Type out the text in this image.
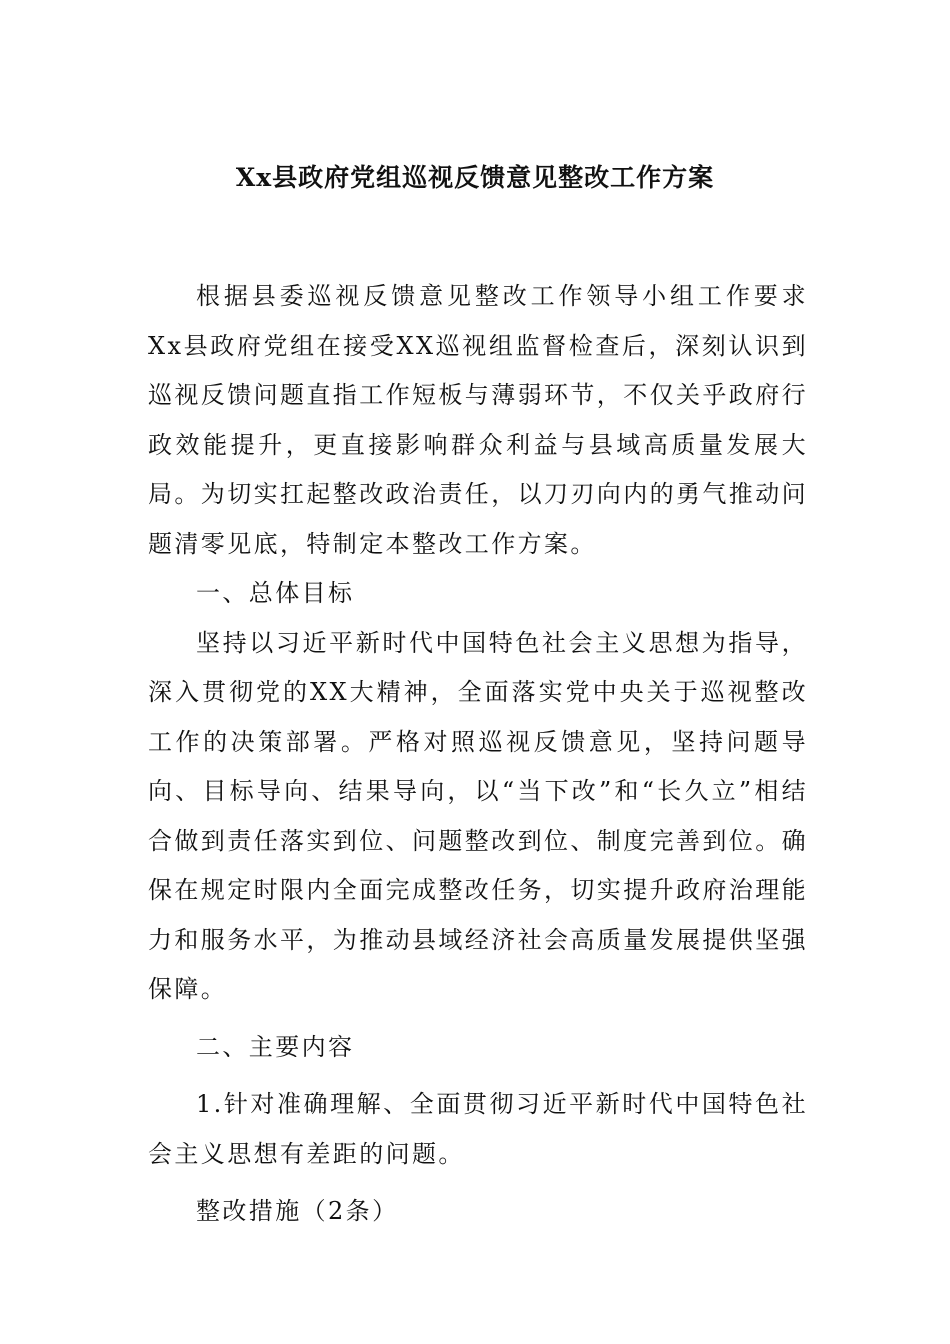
Xx县政府党组巡视反馈意见整改工作方案

根据县委巡视反馈意见整改工作领导小组工作要求Xx县政府党组在接受XX巡视组监督检查后，深刻认识到巡视反馈问题直指工作短板与薄弱环节，不仅关乎政府行政效能提升，更直接影响群众利益与县域高质量发展大局。为切实扛起整改政治责任，以刀刃向内的勇气推动问题清零见底，特制定本整改工作方案。

一、总体目标

坚持以习近平新时代中国特色社会主义思想为指导，深入贯彻党的XX大精神，全面落实党中央关于巡视整改工作的决策部署。严格对照巡视反馈意见，坚持问题导向、目标导向、结果导向，以“当下改”和“长久立”相结合做到责任落实到位、问题整改到位、制度完善到位。确保在规定时限内全面完成整改任务，切实提升政府治理能力和服务水平，为推动县域经济社会高质量发展提供坚强保障。

二、主要内容

1.针对准确理解、全面贯彻习近平新时代中国特色社会主义思想有差距的问题。

整改措施（2条）
